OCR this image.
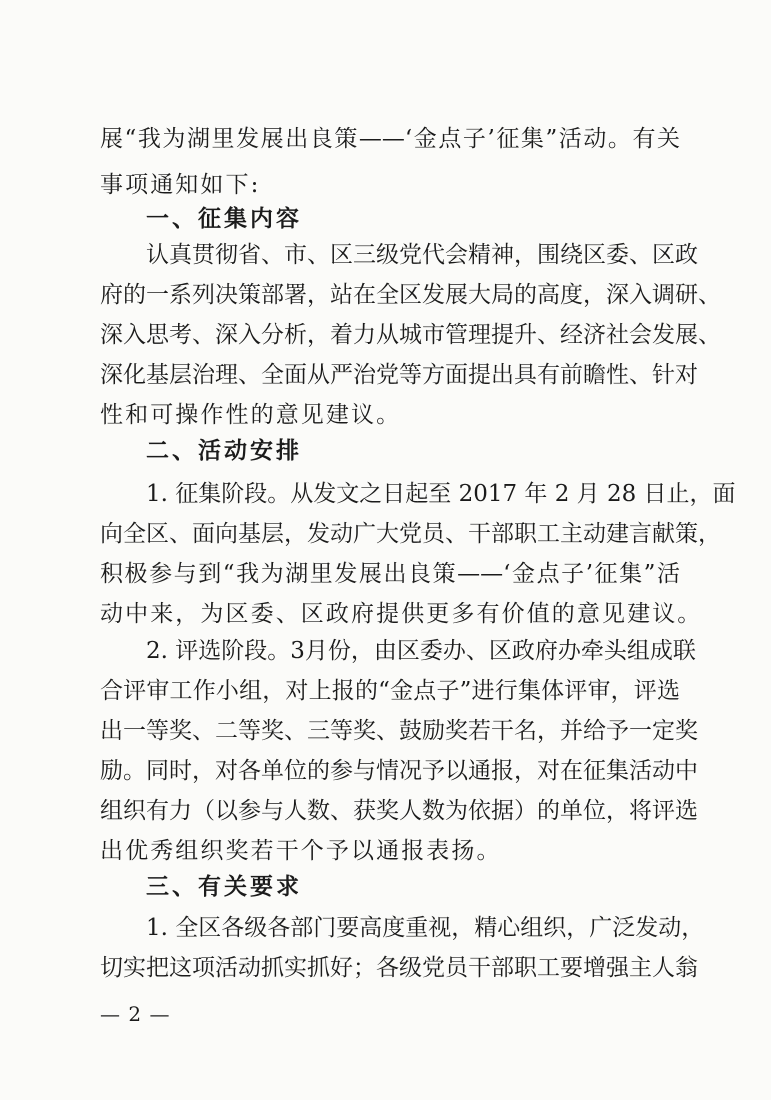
展“我为湖里发展出良策——‘金点子’征集”活动。有关
事项通知如下:
一、征集内容
认真贯彻省、市、区三级党代会精神，围绕区委、区政
府的一系列决策部署，站在全区发展大局的高度，深入调研、
深入思考、深入分析，着力从城市管理提升、经济社会发展、
深化基层治理、全面从严治党等方面提出具有前瞻性、针对
性和可操作性的意见建议。
二、活动安排
1. 征集阶段。从发文之日起至 2017 年 2 月 28 日止，面
向全区、面向基层，发动广大党员、干部职工主动建言献策，
积极参与到“我为湖里发展出良策——‘金点子’征集”活
动中来，为区委、区政府提供更多有价值的意见建议。
2. 评选阶段。3月份，由区委办、区政府办牵头组成联
合评审工作小组，对上报的“金点子”进行集体评审，评选
出一等奖、二等奖、三等奖、鼓励奖若干名，并给予一定奖
励。同时，对各单位的参与情况予以通报，对在征集活动中
组织有力（以参与人数、获奖人数为依据）的单位，将评选
出优秀组织奖若干个予以通报表扬。
三、有关要求
1. 全区各级各部门要高度重视，精心组织，广泛发动，
切实把这项活动抓实抓好；各级党员干部职工要增强主人翁
— 2 —
